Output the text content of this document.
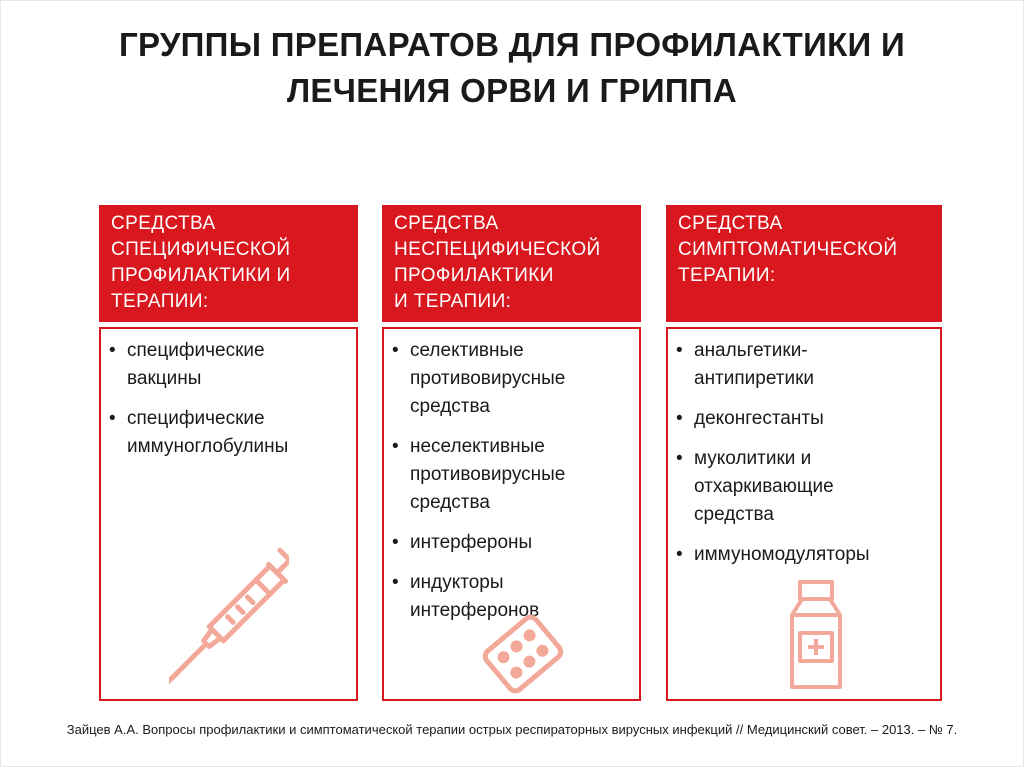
ГРУППЫ ПРЕПАРАТОВ ДЛЯ ПРОФИЛАКТИКИ И
ЛЕЧЕНИЯ ОРВИ И ГРИППА
СРЕДСТВА
СПЕЦИФИЧЕСКОЙ
ПРОФИЛАКТИКИ И
ТЕРАПИИ:
• специфические
вакцины
• специфические
иммуноглобулины
СРЕДСТВА
НЕСПЕЦИФИЧЕСКОЙ
ПРОФИЛАКТИКИ
И ТЕРАПИИ:
• селективные
противовирусные
средства
• неселективные
противовирусные
средства
• интерфероны
• индукторы
интерферонов
СРЕДСТВА
СИМПТОМАТИЧЕСКОЙ
ТЕРАПИИ:
• анальгетики-
антипиретики
• деконгестанты
• муколитики и
отхаркивающие
средства
• иммуномодуляторы
Зайцев А.А. Вопросы профилактики и симптоматической терапии острых респираторных вирусных инфекций // Медицинский совет. – 2013. – № 7.
